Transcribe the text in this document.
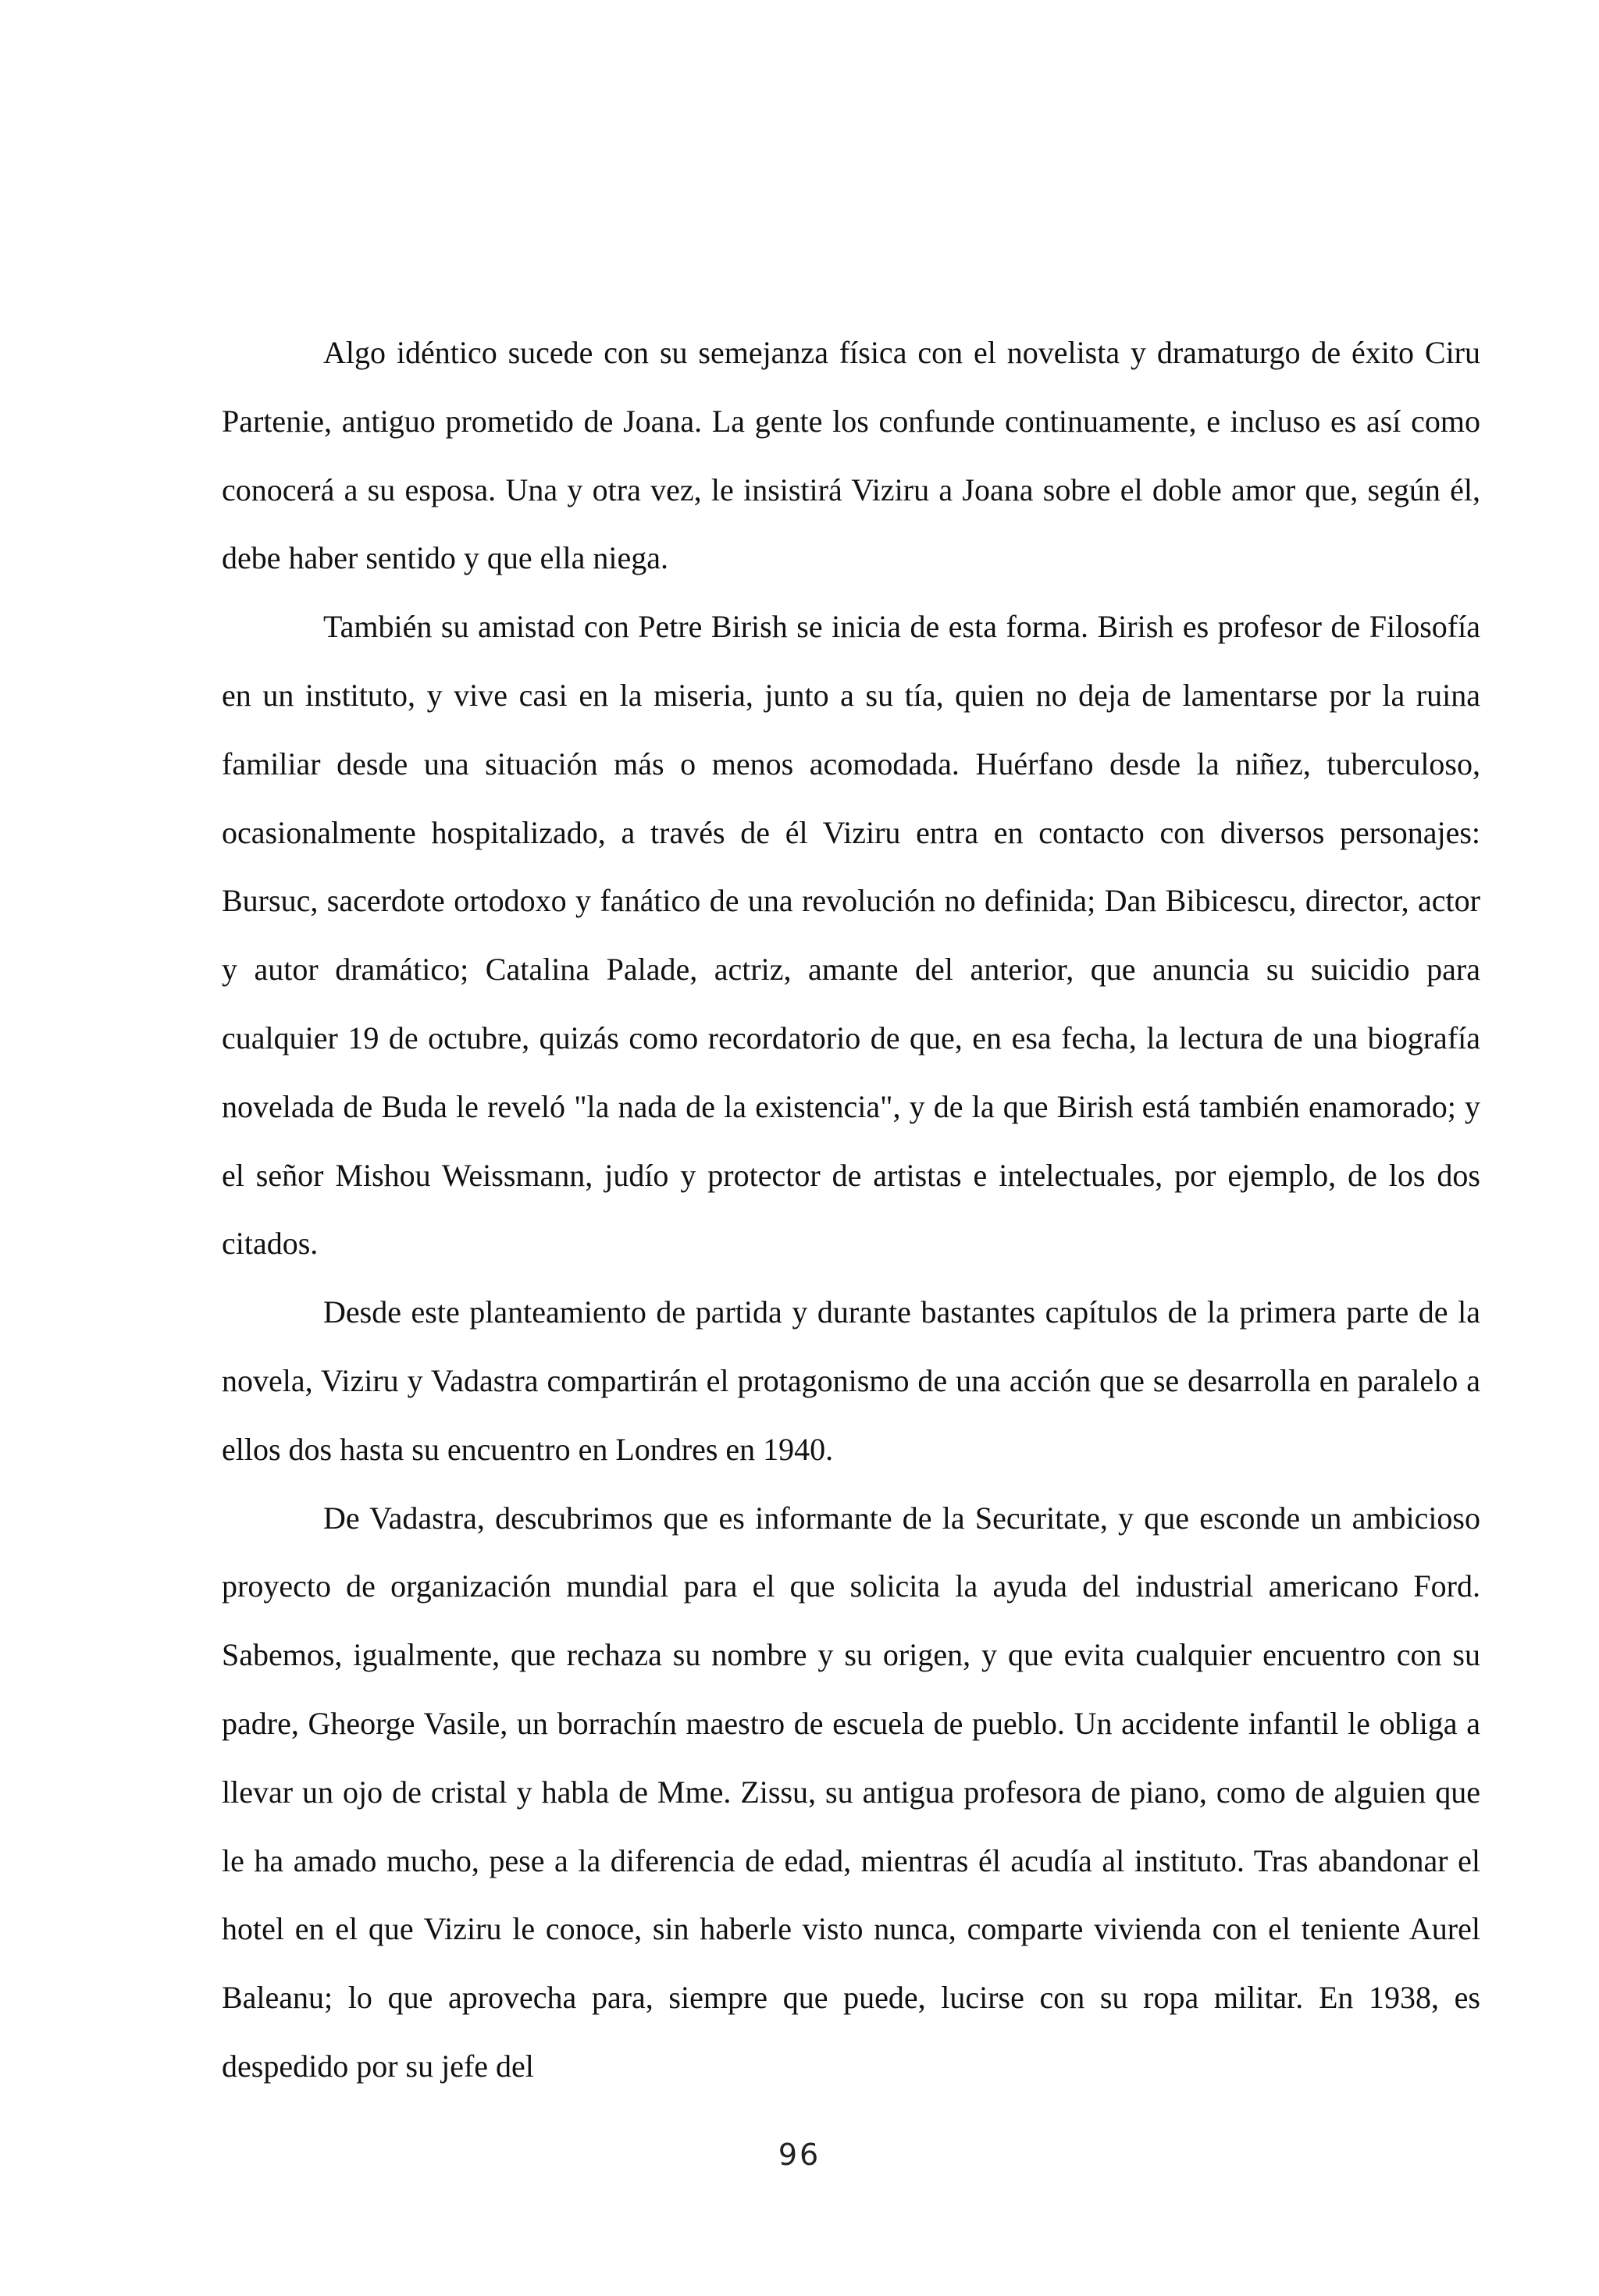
Algo idéntico sucede con su semejanza física con el novelista y dramaturgo de éxito Ciru Partenie, antiguo prometido de Joana. La gente los confunde continuamente, e incluso es así como conocerá a su esposa. Una y otra vez, le insistirá Viziru a Joana sobre el doble amor que, según él, debe haber sentido y que ella niega.

También su amistad con Petre Birish se inicia de esta forma. Birish es profesor de Filosofía en un instituto, y vive casi en la miseria, junto a su tía, quien no deja de lamentarse por la ruina familiar desde una situación más o menos acomodada. Huérfano desde la niñez, tuberculoso, ocasionalmente hospitalizado, a través de él Viziru entra en contacto con diversos personajes: Bursuc, sacerdote ortodoxo y fanático de una revolución no definida; Dan Bibicescu, director, actor y autor dramático; Catalina Palade, actriz, amante del anterior, que anuncia su suicidio para cualquier 19 de octubre, quizás como recordatorio de que, en esa fecha, la lectura de una biografía novelada de Buda le reveló "la nada de la existencia", y de la que Birish está también enamorado; y el señor Mishou Weissmann, judío y protector de artistas e intelectuales, por ejemplo, de los dos citados.

Desde este planteamiento de partida y durante bastantes capítulos de la primera parte de la novela, Viziru y Vadastra compartirán el protagonismo de una acción que se desarrolla en paralelo a ellos dos hasta su encuentro en Londres en 1940.

De Vadastra, descubrimos que es informante de la Securitate, y que esconde un ambicioso proyecto de organización mundial para el que solicita la ayuda del industrial americano Ford. Sabemos, igualmente, que rechaza su nombre y su origen, y que evita cualquier encuentro con su padre, Gheorge Vasile, un borrachín maestro de escuela de pueblo. Un accidente infantil le obliga a llevar un ojo de cristal y habla de Mme. Zissu, su antigua profesora de piano, como de alguien que le ha amado mucho, pese a la diferencia de edad, mientras él acudía al instituto. Tras abandonar el hotel en el que Viziru le conoce, sin haberle visto nunca, comparte vivienda con el teniente Aurel Baleanu; lo que aprovecha para, siempre que puede, lucirse con su ropa militar. En 1938, es despedido por su jefe del

96
